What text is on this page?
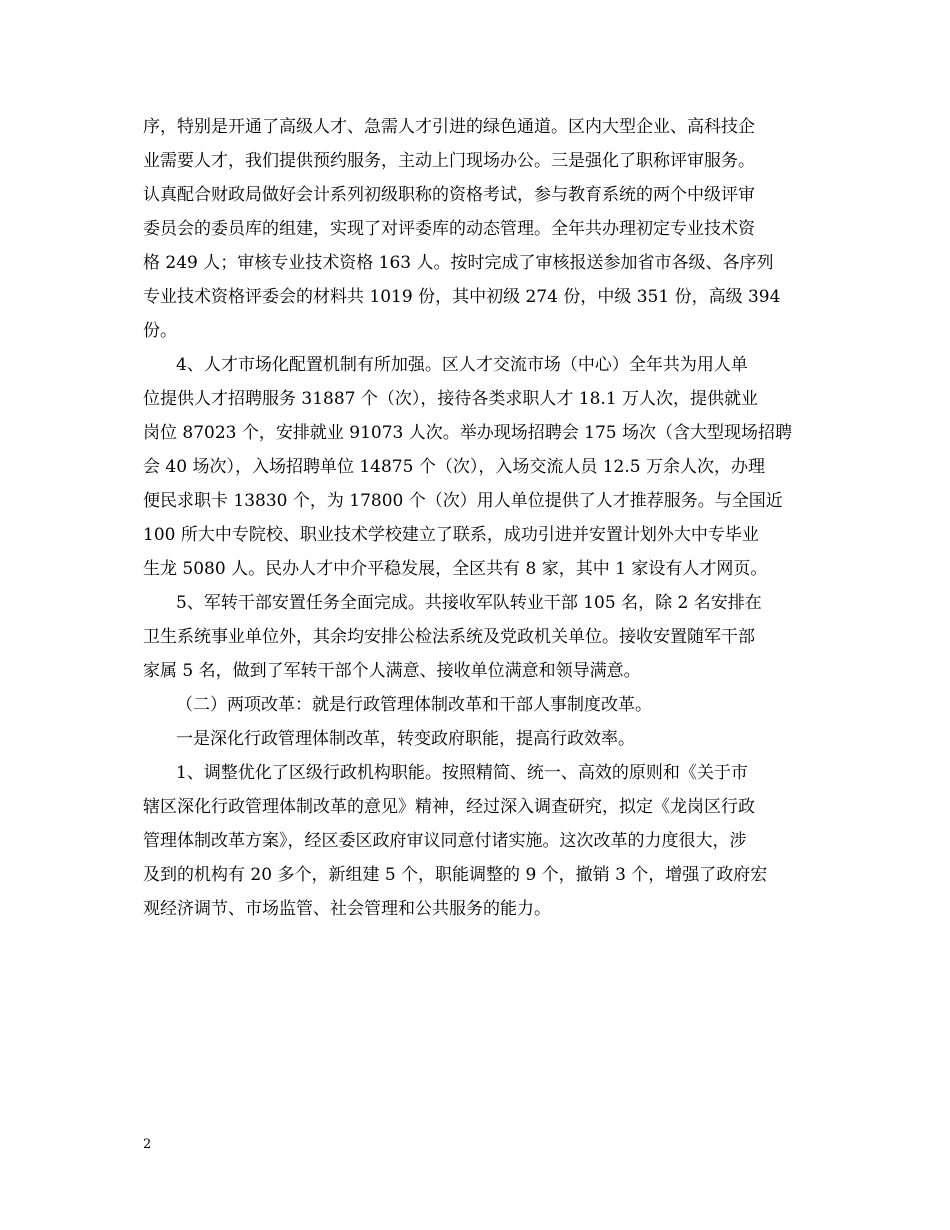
序，特别是开通了高级人才、急需人才引进的绿色通道。区内大型企业、高科技企

业需要人才，我们提供预约服务，主动上门现场办公。三是强化了职称评审服务。

认真配合财政局做好会计系列初级职称的资格考试，参与教育系统的两个中级评审

委员会的委员库的组建，实现了对评委库的动态管理。全年共办理初定专业技术资

格 249 人；审核专业技术资格 163 人。按时完成了审核报送参加省市各级、各序列

专业技术资格评委会的材料共 1019 份，其中初级 274 份，中级 351 份，高级 394

份。

4、人才市场化配置机制有所加强。区人才交流市场（中心）全年共为用人单

位提供人才招聘服务 31887 个（次），接待各类求职人才 18.1 万人次，提供就业

岗位 87023 个，安排就业 91073 人次。举办现场招聘会 175 场次（含大型现场招聘

会 40 场次），入场招聘单位 14875 个（次），入场交流人员 12.5 万余人次，办理

便民求职卡 13830 个，为 17800 个（次）用人单位提供了人才推荐服务。与全国近

100 所大中专院校、职业技术学校建立了联系，成功引进并安置计划外大中专毕业

生龙 5080 人。民办人才中介平稳发展，全区共有 8 家，其中 1 家设有人才网页。

5、军转干部安置任务全面完成。共接收军队转业干部 105 名，除 2 名安排在

卫生系统事业单位外，其余均安排公检法系统及党政机关单位。接收安置随军干部

家属 5 名，做到了军转干部个人满意、接收单位满意和领导满意。

（二）两项改革：就是行政管理体制改革和干部人事制度改革。

一是深化行政管理体制改革，转变政府职能，提高行政效率。

1、调整优化了区级行政机构职能。按照精简、统一、高效的原则和《关于市

辖区深化行政管理体制改革的意见》精神，经过深入调查研究，拟定《龙岗区行政

管理体制改革方案》，经区委区政府审议同意付诸实施。这次改革的力度很大，涉

及到的机构有 20 多个，新组建 5 个，职能调整的 9 个，撤销 3 个，增强了政府宏

观经济调节、市场监管、社会管理和公共服务的能力。

2
